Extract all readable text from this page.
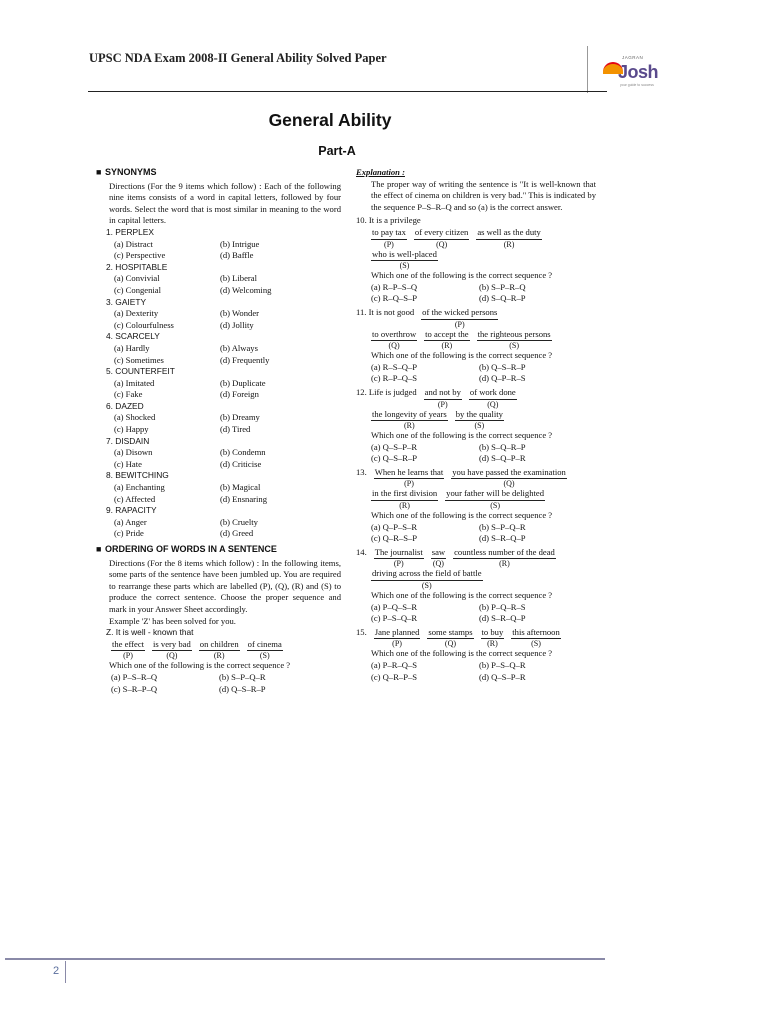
UPSC NDA Exam 2008-II General Ability Solved Paper	JAGRAN
Josh
your guide to success
General Ability
Part-A
■ SYNONYMS
Directions (For the 9 items which follow) : Each of the following nine items consists of a word in capital letters, followed by four words. Select the word that is most similar in meaning to the word in capital letters.
1. PERPLEX
(a) Distract	(b) Intrigue
(c) Perspective	(d) Baffle
2. HOSPITABLE
(a) Convivial	(b) Liberal
(c) Congenial	(d) Welcoming
3. GAIETY
(a) Dexterity	(b) Wonder
(c) Colourfulness	(d) Jollity
4. SCARCELY
(a) Hardly	(b) Always
(c) Sometimes	(d) Frequently
5. COUNTERFEIT
(a) Imitated	(b) Duplicate
(c) Fake	(d) Foreign
6. DAZED
(a) Shocked	(b) Dreamy
(c) Happy	(d) Tired
7. DISDAIN
(a) Disown	(b) Condemn
(c) Hate	(d) Criticise
8. BEWITCHING
(a) Enchanting	(b) Magical
(c) Affected	(d) Ensnaring
9. RAPACITY
(a) Anger	(b) Cruelty
(c) Pride	(d) Greed
■ ORDERING OF WORDS IN A SENTENCE
Directions (For the 8 items which follow) : In the following items, some parts of the sentence have been jumbled up. You are required to rearrange these parts which are labelled (P), (Q), (R) and (S) to produce the correct sentence. Choose the proper sequence and mark in your Answer Sheet accordingly.
Example 'Z' has been solved for you.
Z. It is well - known that
the effect
(P)
is very bad
(Q)
on children
(R)
of cinema
(S)
Which one of the following is the correct sequence ?
(a) P–S–R–Q	(b) S–P–Q–R
(c) S–R–P–Q	(d) Q–S–R–P
Explanation :
The proper way of writing the sentence is "It is well-known that the effect of cinema on children is very bad." This is indicated by the sequence P–S–R–Q and so (a) is the correct answer.
10. It is a privilege
to pay tax
(P)
of every citizen
(Q)
as well as the duty
(R)
who is well-placed
(S)
Which one of the following is the correct sequence ?
(a) R–P–S–Q	(b) S–P–R–Q
(c) R–Q–S–P	(d) S–Q–R–P
11. It is not good of the wicked persons
(P)
to overthrow
(Q)
to accept the
(R)
the righteous persons
(S)
Which one of the following is the correct sequence ?
(a) R–S–Q–P	(b) Q–S–R–P
(c) R–P–Q–S	(d) Q–P–R–S
12. Life is judged and not by
(P)
of work done
(Q)
the longevity of years
(R)
by the quality
(S)
Which one of the following is the correct sequence ?
(a) Q–S–P–R	(b) S–Q–R–P
(c) Q–S–R–P	(d) S–Q–P–R
13. When he learns that
(P)
you have passed the examination
(Q)
in the first division
(R)
your father will be delighted
(S)
Which one of the following is the correct sequence ?
(a) Q–P–S–R	(b) S–P–Q–R
(c) Q–R–S–P	(d) S–R–Q–P
14. The journalist
(P)
saw
(Q)
countless number of the dead
(R)
driving across the field of battle
(S)
Which one of the following is the correct sequence ?
(a) P–Q–S–R	(b) P–Q–R–S
(c) P–S–Q–R	(d) S–R–Q–P
15. Jane planned
(P)
some stamps
(Q)
to buy
(R)
this afternoon
(S)
Which one of the following is the correct sequence ?
(a) P–R–Q–S	(b) P–S–Q–R
(c) Q–R–P–S	(d) Q–S–P–R
2
